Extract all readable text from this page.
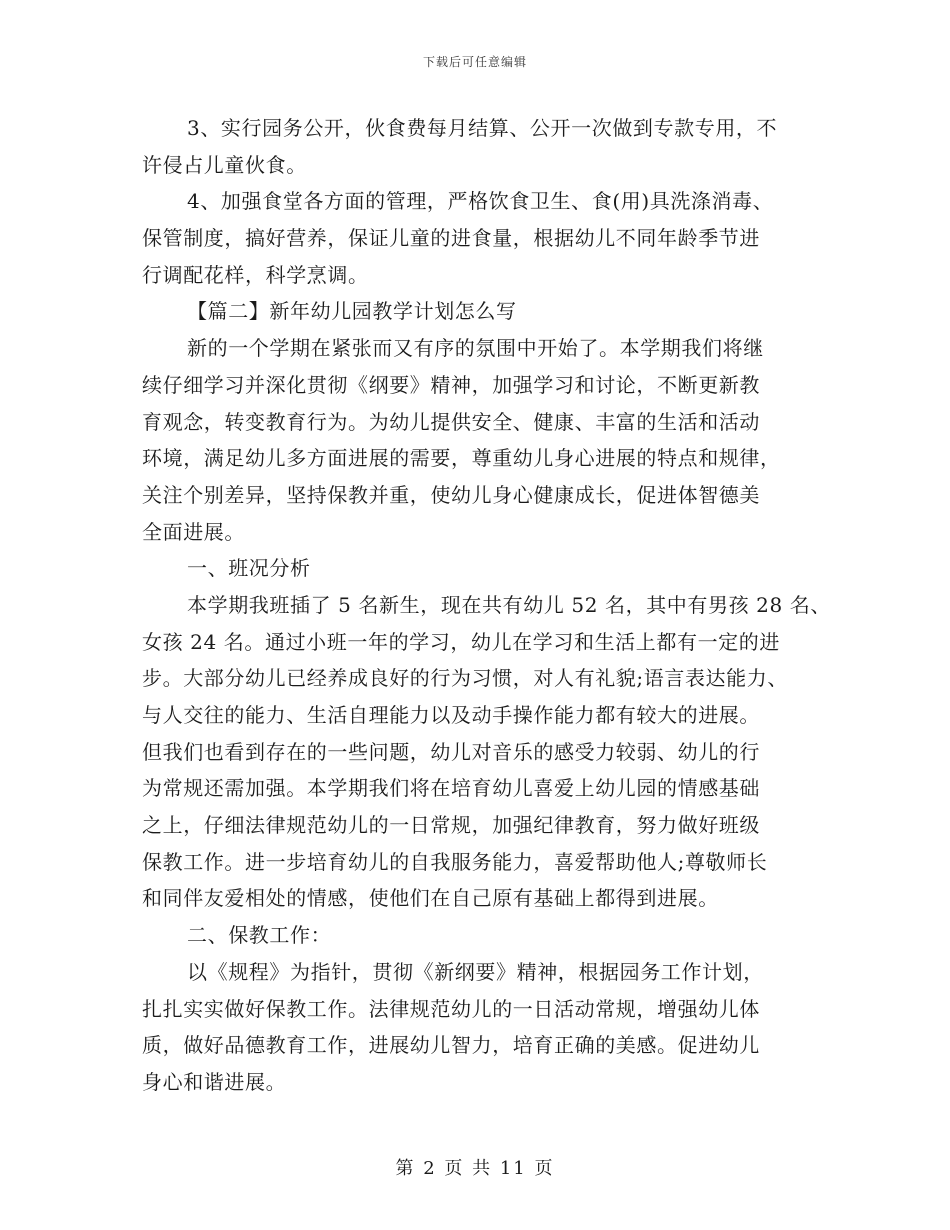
下载后可任意编辑
3、实行园务公开，伙食费每月结算、公开一次做到专款专用，不
许侵占儿童伙食。
4、加强食堂各方面的管理，严格饮食卫生、食(用)具洗涤消毒、
保管制度，搞好营养，保证儿童的进食量，根据幼儿不同年龄季节进
行调配花样，科学烹调。
【篇二】新年幼儿园教学计划怎么写
新的一个学期在紧张而又有序的氛围中开始了。本学期我们将继
续仔细学习并深化贯彻《纲要》精神，加强学习和讨论，不断更新教
育观念，转变教育行为。为幼儿提供安全、健康、丰富的生活和活动
环境，满足幼儿多方面进展的需要，尊重幼儿身心进展的特点和规律，
关注个别差异，坚持保教并重，使幼儿身心健康成长，促进体智德美
全面进展。
一、班况分析
本学期我班插了 5 名新生，现在共有幼儿 52 名，其中有男孩 28 名、
女孩 24 名。通过小班一年的学习，幼儿在学习和生活上都有一定的进
步。大部分幼儿已经养成良好的行为习惯，对人有礼貌;语言表达能力、
与人交往的能力、生活自理能力以及动手操作能力都有较大的进展。
但我们也看到存在的一些问题，幼儿对音乐的感受力较弱、幼儿的行
为常规还需加强。本学期我们将在培育幼儿喜爱上幼儿园的情感基础
之上，仔细法律规范幼儿的一日常规，加强纪律教育，努力做好班级
保教工作。进一步培育幼儿的自我服务能力，喜爱帮助他人;尊敬师长
和同伴友爱相处的情感，使他们在自己原有基础上都得到进展。
二、保教工作：
以《规程》为指针，贯彻《新纲要》精神，根据园务工作计划，
扎扎实实做好保教工作。法律规范幼儿的一日活动常规，增强幼儿体
质，做好品德教育工作，进展幼儿智力，培育正确的美感。促进幼儿
身心和谐进展。
第 2 页 共 11 页
